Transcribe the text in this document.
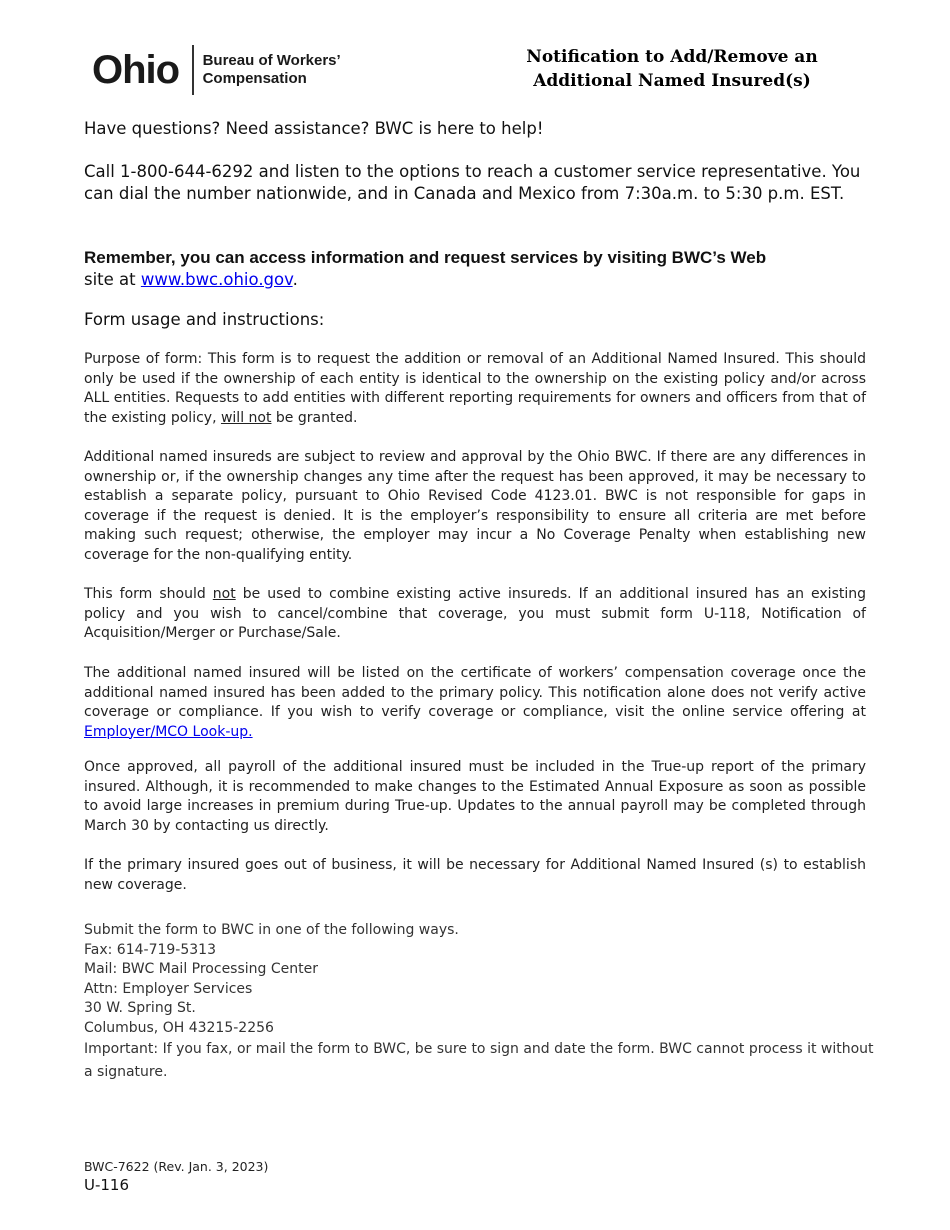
Ohio Bureau of Workers’
Compensation
Notification to Add/Remove an
Additional Named Insured(s)
Have questions? Need assistance? BWC is here to help!
Call 1-800-644-6292 and listen to the options to reach a customer service representative. You can dial the number nationwide, and in Canada and Mexico from 7:30a.m. to 5:30 p.m. EST.
Remember, you can access information and request services by visiting BWC’s Web
site at www.bwc.ohio.gov.
Form usage and instructions:
Purpose of form: This form is to request the addition or removal of an Additional Named Insured. This should only be used if the ownership of each entity is identical to the ownership on the existing policy and/or across ALL entities. Requests to add entities with different reporting requirements for owners and officers from that of the existing policy, will not be granted.
Additional named insureds are subject to review and approval by the Ohio BWC. If there are any differences in ownership or, if the ownership changes any time after the request has been approved, it may be necessary to establish a separate policy, pursuant to Ohio Revised Code 4123.01. BWC is not responsible for gaps in coverage if the request is denied. It is the employer’s responsibility to ensure all criteria are met before making such request; otherwise, the employer may incur a No Coverage Penalty when establishing new coverage for the non-qualifying entity.
This form should not be used to combine existing active insureds. If an additional insured has an existing policy and you wish to cancel/combine that coverage, you must submit form U-118, Notification of Acquisition/Merger or Purchase/Sale.
The additional named insured will be listed on the certificate of workers’ compensation coverage once the additional named insured has been added to the primary policy. This notification alone does not verify active coverage or compliance. If you wish to verify coverage or compliance, visit the online service offering at Employer/MCO Look-up.
Once approved, all payroll of the additional insured must be included in the True-up report of the primary insured. Although, it is recommended to make changes to the Estimated Annual Exposure as soon as possible to avoid large increases in premium during True-up. Updates to the annual payroll may be completed through March 30 by contacting us directly.
If the primary insured goes out of business, it will be necessary for Additional Named Insured (s) to establish new coverage.
Submit the form to BWC in one of the following ways.
Fax: 614-719-5313
Mail: BWC Mail Processing Center
Attn: Employer Services
30 W. Spring St.
Columbus, OH 43215-2256
Important: If you fax, or mail the form to BWC, be sure to sign and date the form. BWC cannot process it without a signature.
BWC-7622 (Rev. Jan. 3, 2023)
U-116
